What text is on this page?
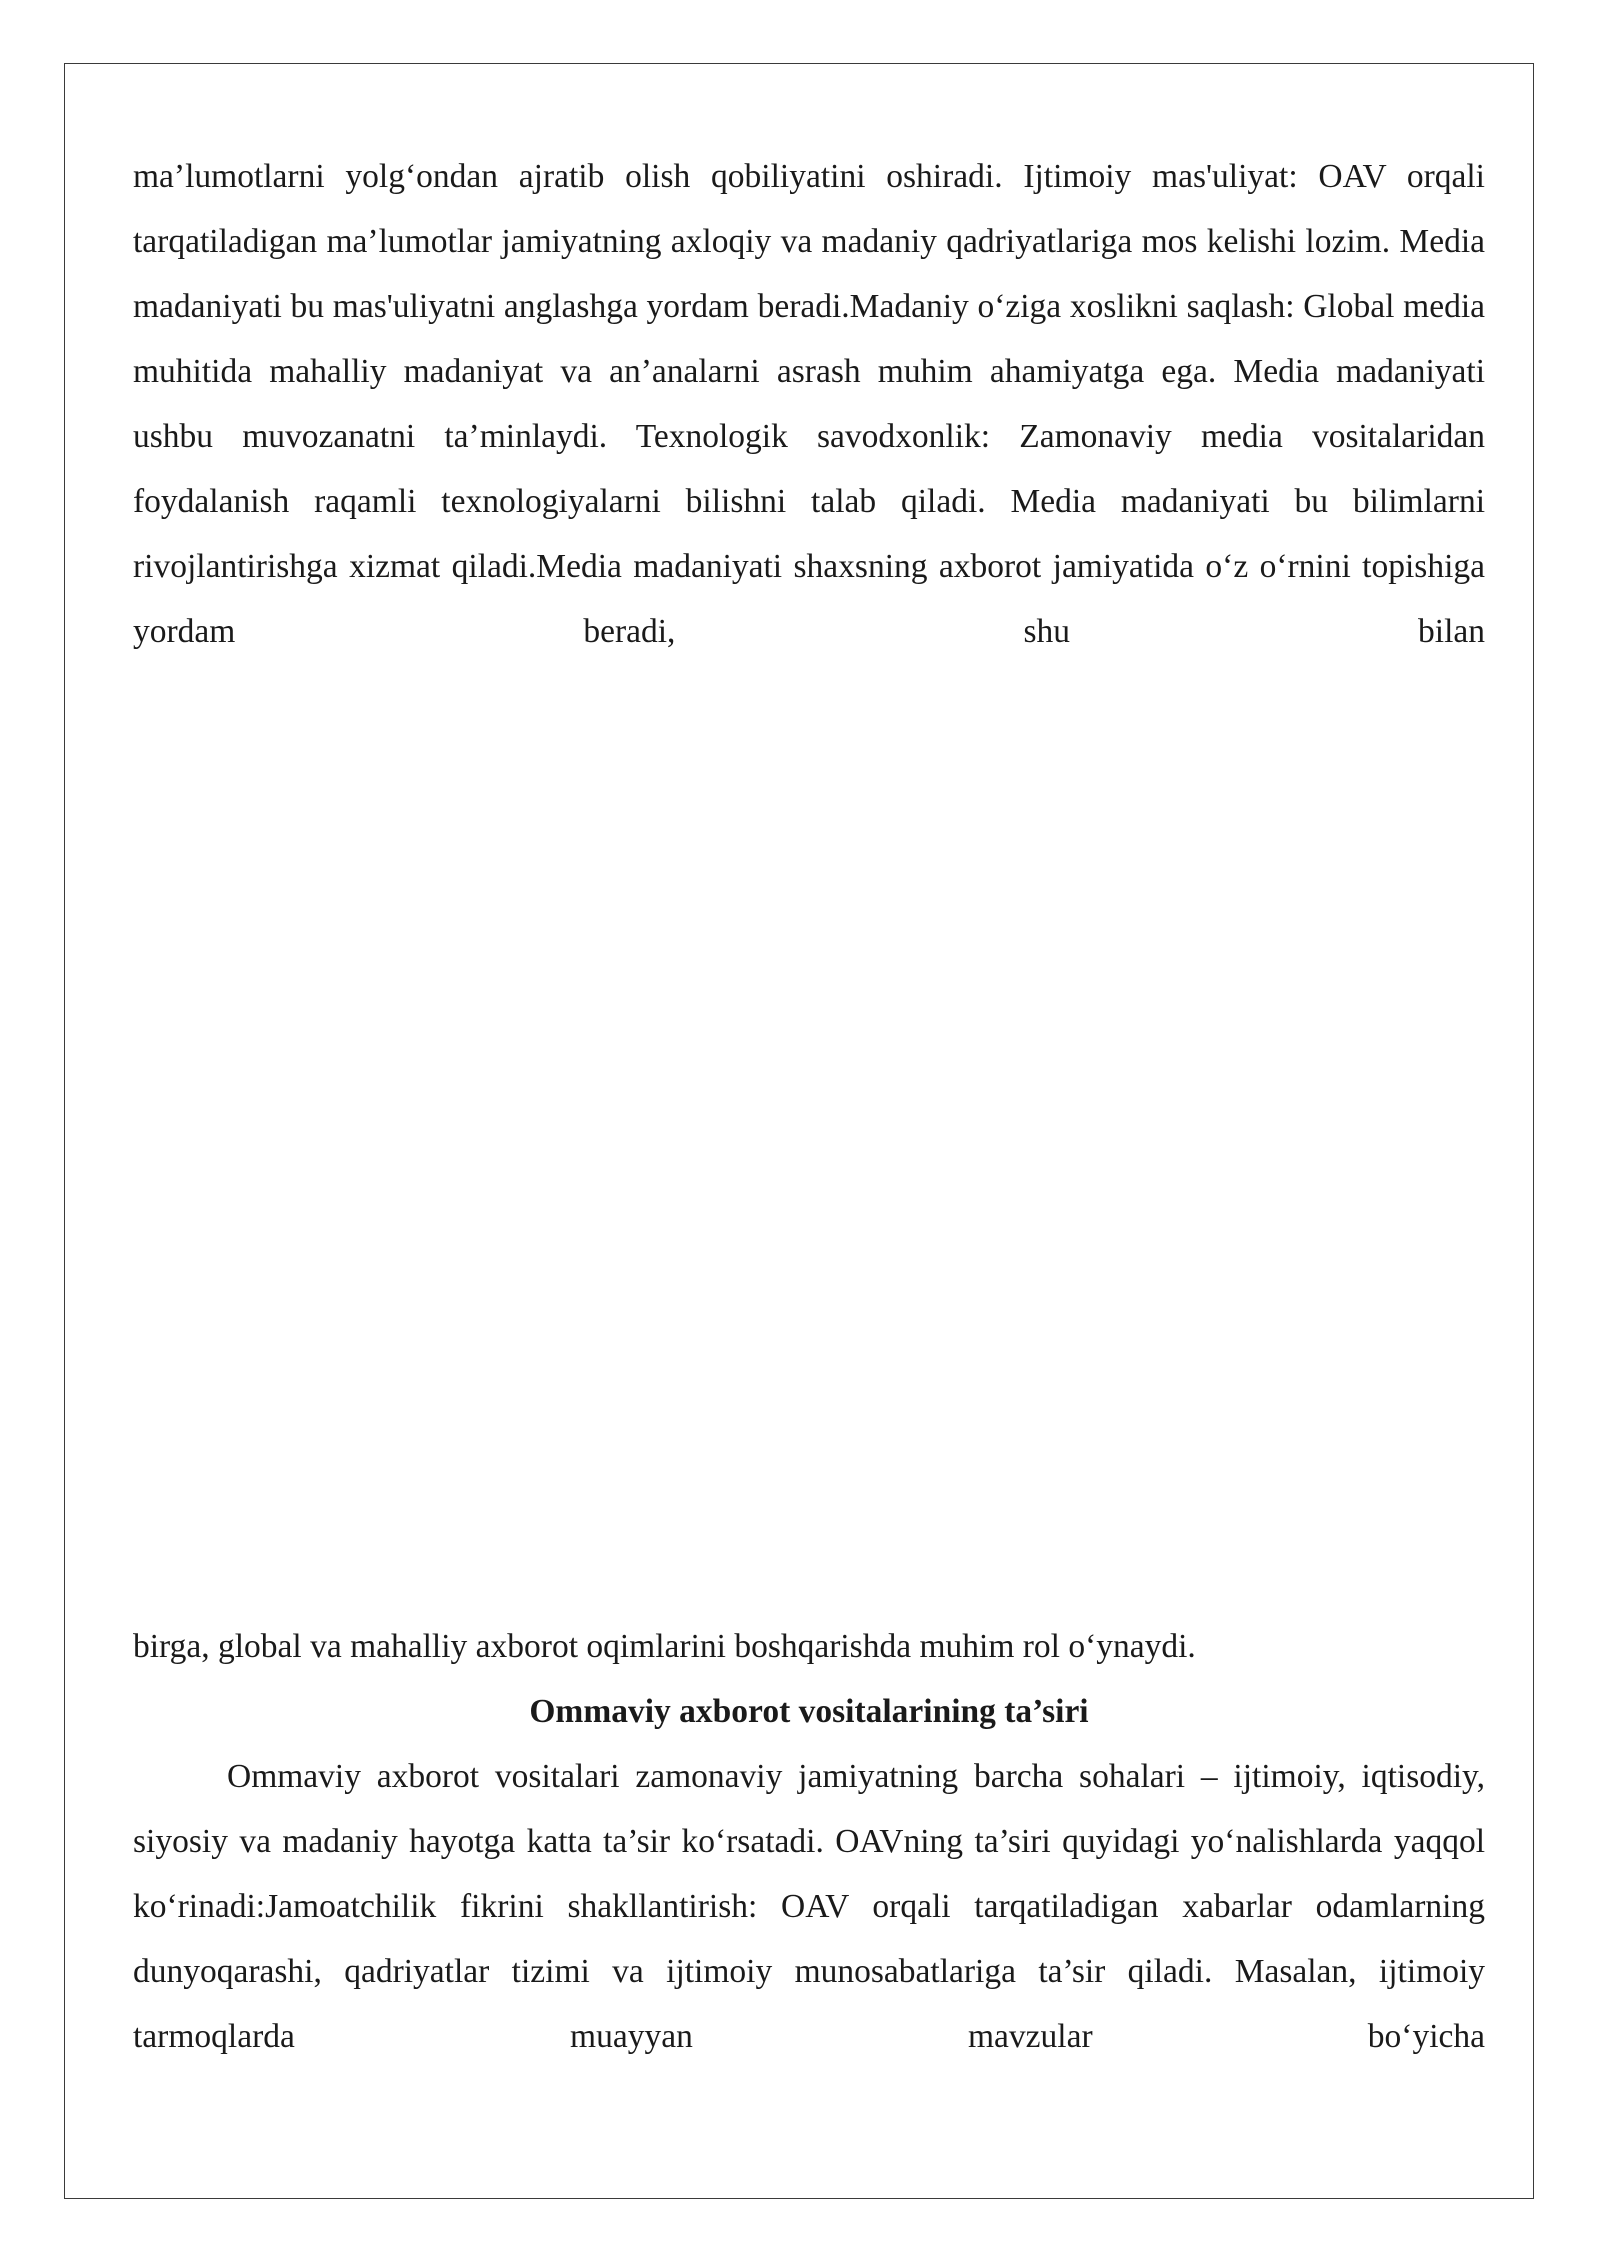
ma’lumotlarni yolg‘ondan ajratib olish qobiliyatini oshiradi. Ijtimoiy mas'uliyat: OAV orqali tarqatiladigan ma’lumotlar jamiyatning axloqiy va madaniy qadriyatlariga mos kelishi lozim. Media madaniyati bu mas'uliyatni anglashga yordam beradi.Madaniy o‘ziga xoslikni saqlash: Global media muhitida mahalliy madaniyat va an’analarni asrash muhim ahamiyatga ega. Media madaniyati ushbu muvozanatni ta’minlaydi. Texnologik savodxonlik: Zamonaviy media vositalaridan foydalanish raqamli texnologiyalarni bilishni talab qiladi. Media madaniyati bu bilimlarni rivojlantirishga xizmat qiladi.Media madaniyati shaxsning axborot jamiyatida o‘z o‘rnini topishiga yordam beradi, shu bilan

birga, global va mahalliy axborot oqimlarini boshqarishda muhim rol o‘ynaydi.

Ommaviy axborot vositalarining ta’siri

Ommaviy axborot vositalari zamonaviy jamiyatning barcha sohalari – ijtimoiy, iqtisodiy, siyosiy va madaniy hayotga katta ta’sir ko‘rsatadi. OAVning ta’siri quyidagi yo‘nalishlarda yaqqol ko‘rinadi:Jamoatchilik fikrini shakllantirish: OAV orqali tarqatiladigan xabarlar odamlarning dunyoqarashi, qadriyatlar tizimi va ijtimoiy munosabatlariga ta’sir qiladi. Masalan, ijtimoiy tarmoqlarda muayyan mavzular bo‘yicha
